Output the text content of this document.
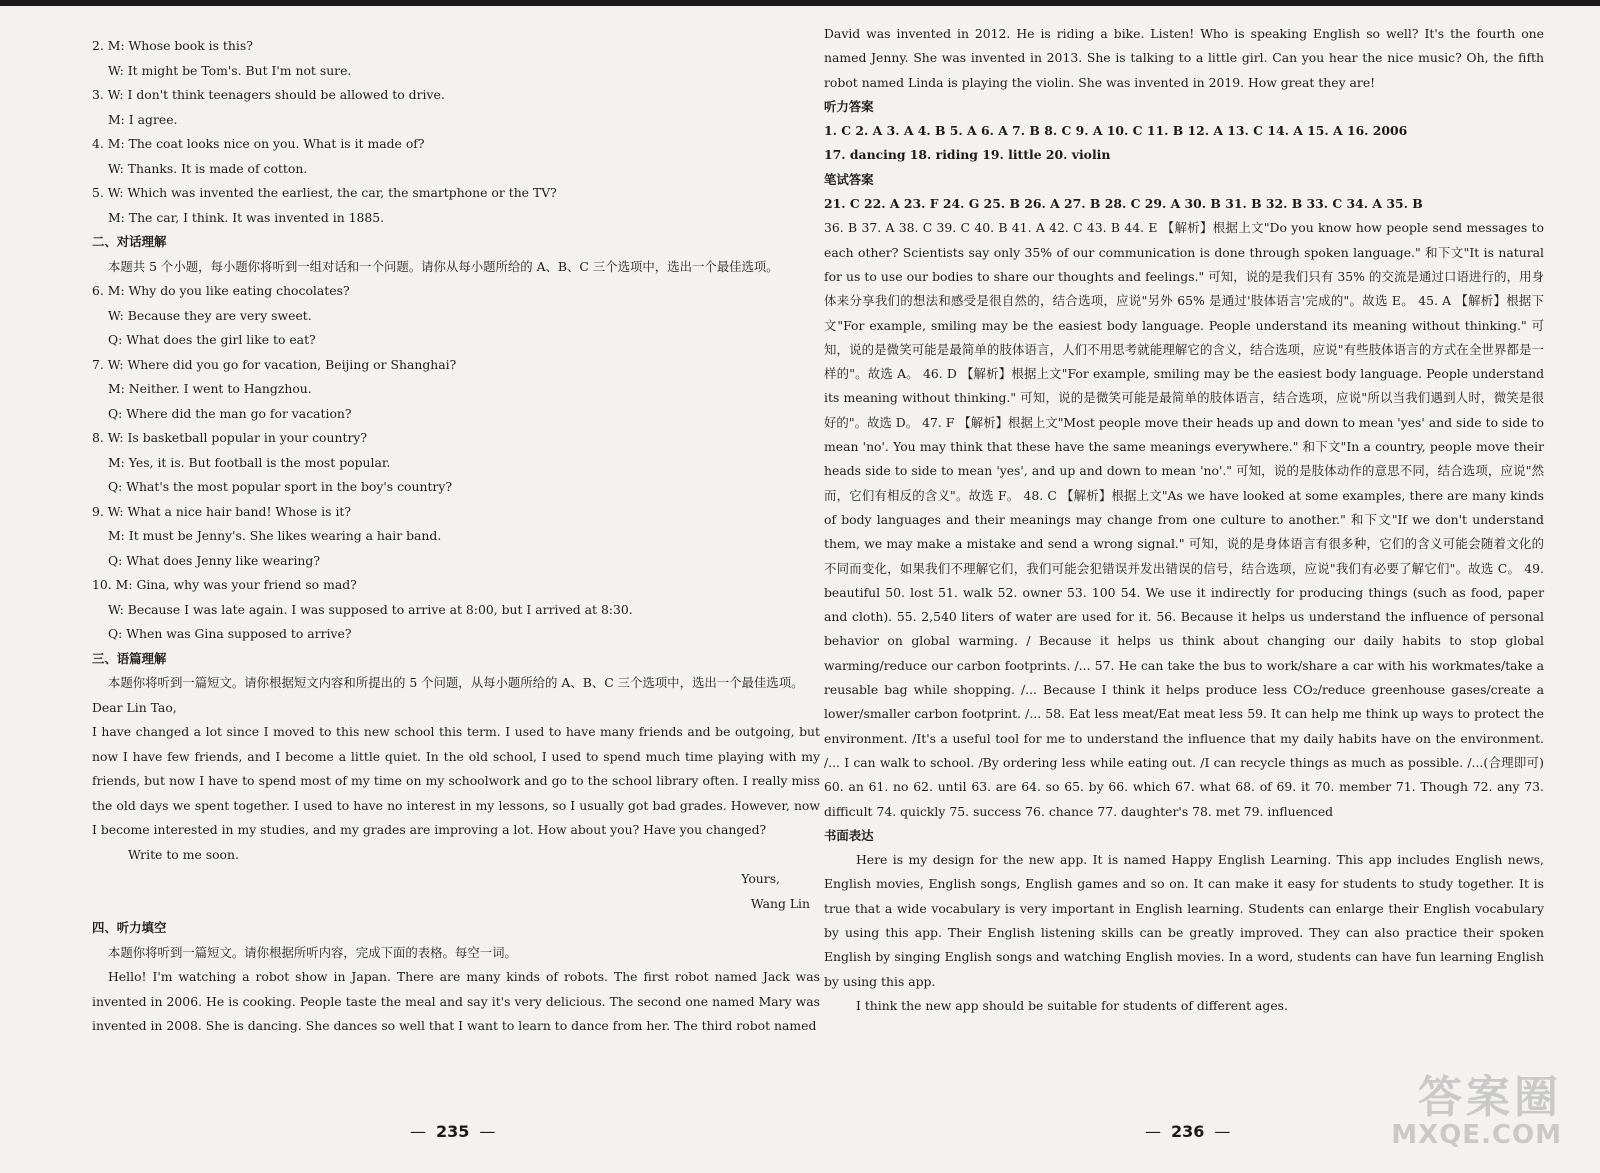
2. M: Whose book is this?

W: It might be Tom's. But I'm not sure.

3. W: I don't think teenagers should be allowed to drive.

M: I agree.

4. M: The coat looks nice on you. What is it made of?

W: Thanks. It is made of cotton.

5. W: Which was invented the earliest, the car, the smartphone or the TV?

M: The car, I think. It was invented in 1885.

二、对话理解

本题共 5 个小题，每小题你将听到一组对话和一个问题。请你从每小题所给的 A、B、C 三个选项中，选出一个最佳选项。

6. M: Why do you like eating chocolates?

W: Because they are very sweet.

Q: What does the girl like to eat?

7. W: Where did you go for vacation, Beijing or Shanghai?

M: Neither. I went to Hangzhou.

Q: Where did the man go for vacation?

8. W: Is basketball popular in your country?

M: Yes, it is. But football is the most popular.

Q: What's the most popular sport in the boy's country?

9. W: What a nice hair band! Whose is it?

M: It must be Jenny's. She likes wearing a hair band.

Q: What does Jenny like wearing?

10. M: Gina, why was your friend so mad?

W: Because I was late again. I was supposed to arrive at 8:00, but I arrived at 8:30.

Q: When was Gina supposed to arrive?

三、语篇理解

本题你将听到一篇短文。请你根据短文内容和所提出的 5 个问题，从每小题所给的 A、B、C 三个选项中，选出一个最佳选项。

Dear Lin Tao,

I have changed a lot since I moved to this new school this term. I used to have many friends and be outgoing, but now I have few friends, and I become a little quiet. In the old school, I used to spend much time playing with my friends, but now I have to spend most of my time on my schoolwork and go to the school library often. I really miss the old days we spent together. I used to have no interest in my lessons, so I usually got bad grades. However, now I become interested in my studies, and my grades are improving a lot. How about you? Have you changed?

Write to me soon.

Yours,

Wang Lin

四、听力填空

本题你将听到一篇短文。请你根据所听内容，完成下面的表格。每空一词。

Hello! I'm watching a robot show in Japan. There are many kinds of robots. The first robot named Jack was invented in 2006. He is cooking. People taste the meal and say it's very delicious. The second one named Mary was invented in 2008. She is dancing. She dances so well that I want to learn to dance from her. The third robot named

— 235 —

David was invented in 2012. He is riding a bike. Listen! Who is speaking English so well? It's the fourth one named Jenny. She was invented in 2013. She is talking to a little girl. Can you hear the nice music? Oh, the fifth robot named Linda is playing the violin. She was invented in 2019. How great they are!

听力答案

1. C 2. A 3. A 4. B 5. A 6. A 7. B 8. C 9. A 10. C 11. B 12. A 13. C 14. A 15. A 16. 2006

17. dancing 18. riding 19. little 20. violin

笔试答案

21. C 22. A 23. F 24. G 25. B 26. A 27. B 28. C 29. A 30. B 31. B 32. B 33. C 34. A 35. B

36. B 37. A 38. C 39. C 40. B 41. A 42. C 43. B 44. E 【解析】根据上文"Do you know how people send messages to each other? Scientists say only 35% of our communication is done through spoken language." 和下文"It is natural for us to use our bodies to share our thoughts and feelings." 可知，说的是我们只有 35% 的交流是通过口语进行的，用身体来分享我们的想法和感受是很自然的，结合选项，应说"另外 65% 是通过'肢体语言'完成的"。故选 E。 45. A 【解析】根据下文"For example, smiling may be the easiest body language. People understand its meaning without thinking." 可知，说的是微笑可能是最简单的肢体语言，人们不用思考就能理解它的含义，结合选项，应说"有些肢体语言的方式在全世界都是一样的"。故选 A。 46. D 【解析】根据上文"For example, smiling may be the easiest body language. People understand its meaning without thinking." 可知，说的是微笑可能是最简单的肢体语言，结合选项，应说"所以当我们遇到人时，微笑是很好的"。故选 D。 47. F 【解析】根据上文"Most people move their heads up and down to mean 'yes' and side to side to mean 'no'. You may think that these have the same meanings everywhere." 和下文"In a country, people move their heads side to side to mean 'yes', and up and down to mean 'no'." 可知，说的是肢体动作的意思不同，结合选项，应说"然而，它们有相反的含义"。故选 F。 48. C 【解析】根据上文"As we have looked at some examples, there are many kinds of body languages and their meanings may change from one culture to another." 和下文"If we don't understand them, we may make a mistake and send a wrong signal." 可知，说的是身体语言有很多种，它们的含义可能会随着文化的不同而变化，如果我们不理解它们，我们可能会犯错误并发出错误的信号，结合选项，应说"我们有必要了解它们"。故选 C。 49. beautiful 50. lost 51. walk 52. owner 53. 100 54. We use it indirectly for producing things (such as food, paper and cloth). 55. 2,540 liters of water are used for it. 56. Because it helps us understand the influence of personal behavior on global warming. / Because it helps us think about changing our daily habits to stop global warming/reduce our carbon footprints. /... 57. He can take the bus to work/share a car with his workmates/take a reusable bag while shopping. /... Because I think it helps produce less CO₂/reduce greenhouse gases/create a lower/smaller carbon footprint. /... 58. Eat less meat/Eat meat less 59. It can help me think up ways to protect the environment. /It's a useful tool for me to understand the influence that my daily habits have on the environment. /... I can walk to school. /By ordering less while eating out. /I can recycle things as much as possible. /...(合理即可) 60. an 61. no 62. until 63. are 64. so 65. by 66. which 67. what 68. of 69. it 70. member 71. Though 72. any 73. difficult 74. quickly 75. success 76. chance 77. daughter's 78. met 79. influenced

书面表达

Here is my design for the new app. It is named Happy English Learning. This app includes English news, English movies, English songs, English games and so on. It can make it easy for students to study together. It is true that a wide vocabulary is very important in English learning. Students can enlarge their English vocabulary by using this app. Their English listening skills can be greatly improved. They can also practice their spoken English by singing English songs and watching English movies. In a word, students can have fun learning English by using this app.

I think the new app should be suitable for students of different ages.

— 236 —
答案圈
MXQE.COM
